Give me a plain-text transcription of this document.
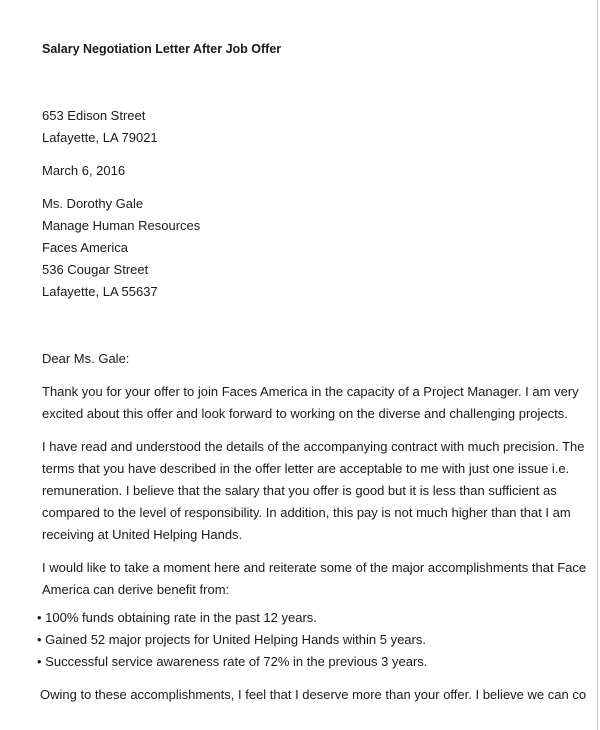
Salary Negotiation Letter After Job Offer
653 Edison Street
Lafayette, LA 79021
March 6, 2016
Ms. Dorothy Gale
Manage Human Resources
Faces America
536 Cougar Street
Lafayette, LA 55637
Dear Ms. Gale:
Thank you for your offer to join Faces America in the capacity of a Project Manager. I am very
excited about this offer and look forward to working on the diverse and challenging projects.
I have read and understood the details of the accompanying contract with much precision. The
terms that you have described in the offer letter are acceptable to me with just one issue i.e.
remuneration. I believe that the salary that you offer is good but it is less than sufficient as
compared to the level of responsibility. In addition, this pay is not much higher than that I am
receiving at United Helping Hands.
I would like to take a moment here and reiterate some of the major accomplishments that Face
America can derive benefit from:
• 100% funds obtaining rate in the past 12 years.
• Gained 52 major projects for United Helping Hands within 5 years.
• Successful service awareness rate of 72% in the previous 3 years.
Owing to these accomplishments, I feel that I deserve more than your offer. I believe we can co
